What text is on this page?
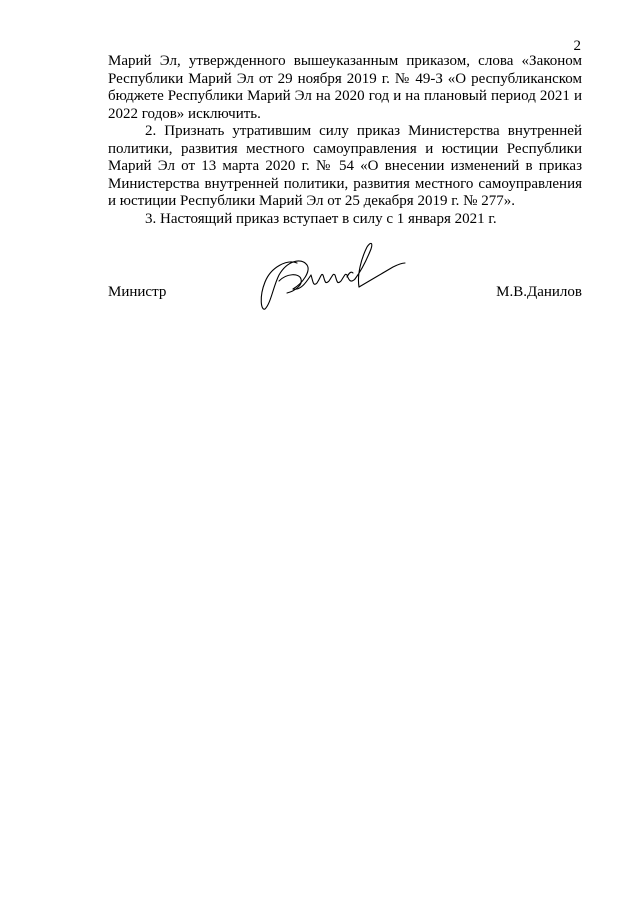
2

Марий Эл, утвержденного вышеуказанным приказом, слова «Законом Республики Марий Эл от 29 ноября 2019 г. № 49-З «О республиканском бюджете Республики Марий Эл на 2020 год и на плановый период 2021 и 2022 годов» исключить.

2. Признать утратившим силу приказ Министерства внутренней политики, развития местного самоуправления и юстиции Республики Марий Эл от 13 марта 2020 г. № 54 «О внесении изменений в приказ Министерства внутренней политики, развития местного самоуправления и юстиции Республики Марий Эл от 25 декабря 2019 г. № 277».

3. Настоящий приказ вступает в силу с 1 января 2021 г.

Министр	М.В.Данилов
